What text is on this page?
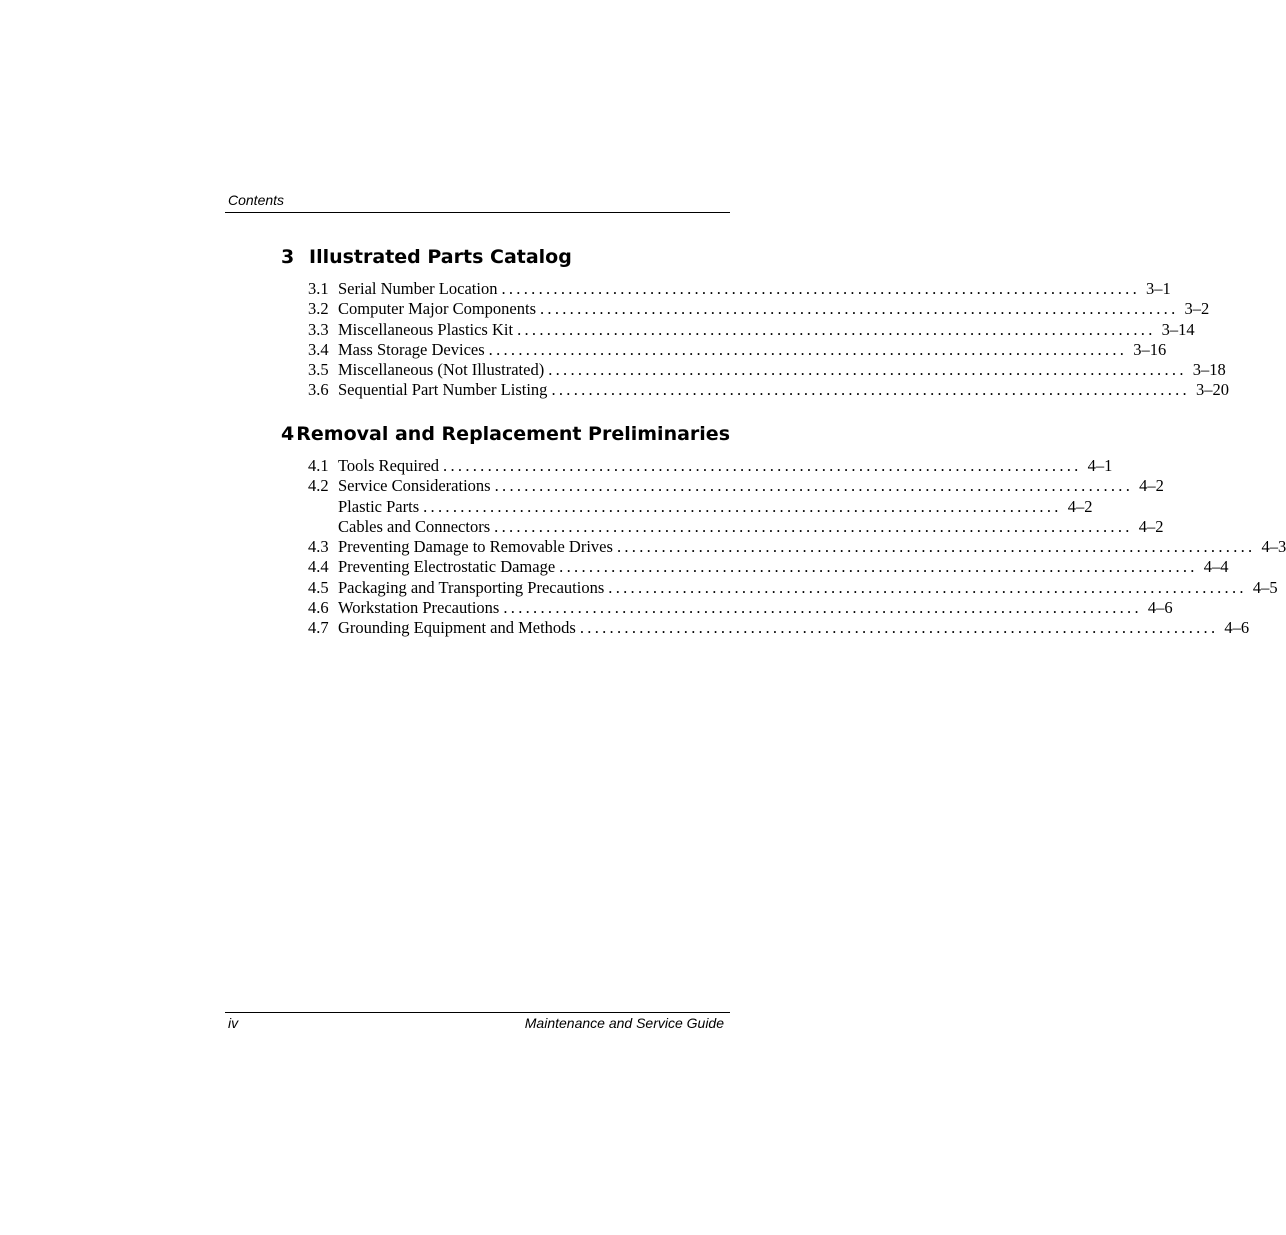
Contents
3 Illustrated Parts Catalog
3.1 Serial Number Location ...................................................................................... 3–1
3.2 Computer Major Components ...................................................................................... 3–2
3.3 Miscellaneous Plastics Kit ...................................................................................... 3–14
3.4 Mass Storage Devices ...................................................................................... 3–16
3.5 Miscellaneous (Not Illustrated) ...................................................................................... 3–18
3.6 Sequential Part Number Listing ...................................................................................... 3–20
4 Removal and Replacement Preliminaries
4.1 Tools Required ...................................................................................... 4–1
4.2 Service Considerations ...................................................................................... 4–2
Plastic Parts ...................................................................................... 4–2
Cables and Connectors ...................................................................................... 4–2
4.3 Preventing Damage to Removable Drives ...................................................................................... 4–3
4.4 Preventing Electrostatic Damage ...................................................................................... 4–4
4.5 Packaging and Transporting Precautions ...................................................................................... 4–5
4.6 Workstation Precautions ...................................................................................... 4–6
4.7 Grounding Equipment and Methods ...................................................................................... 4–6
iv	Maintenance and Service Guide
